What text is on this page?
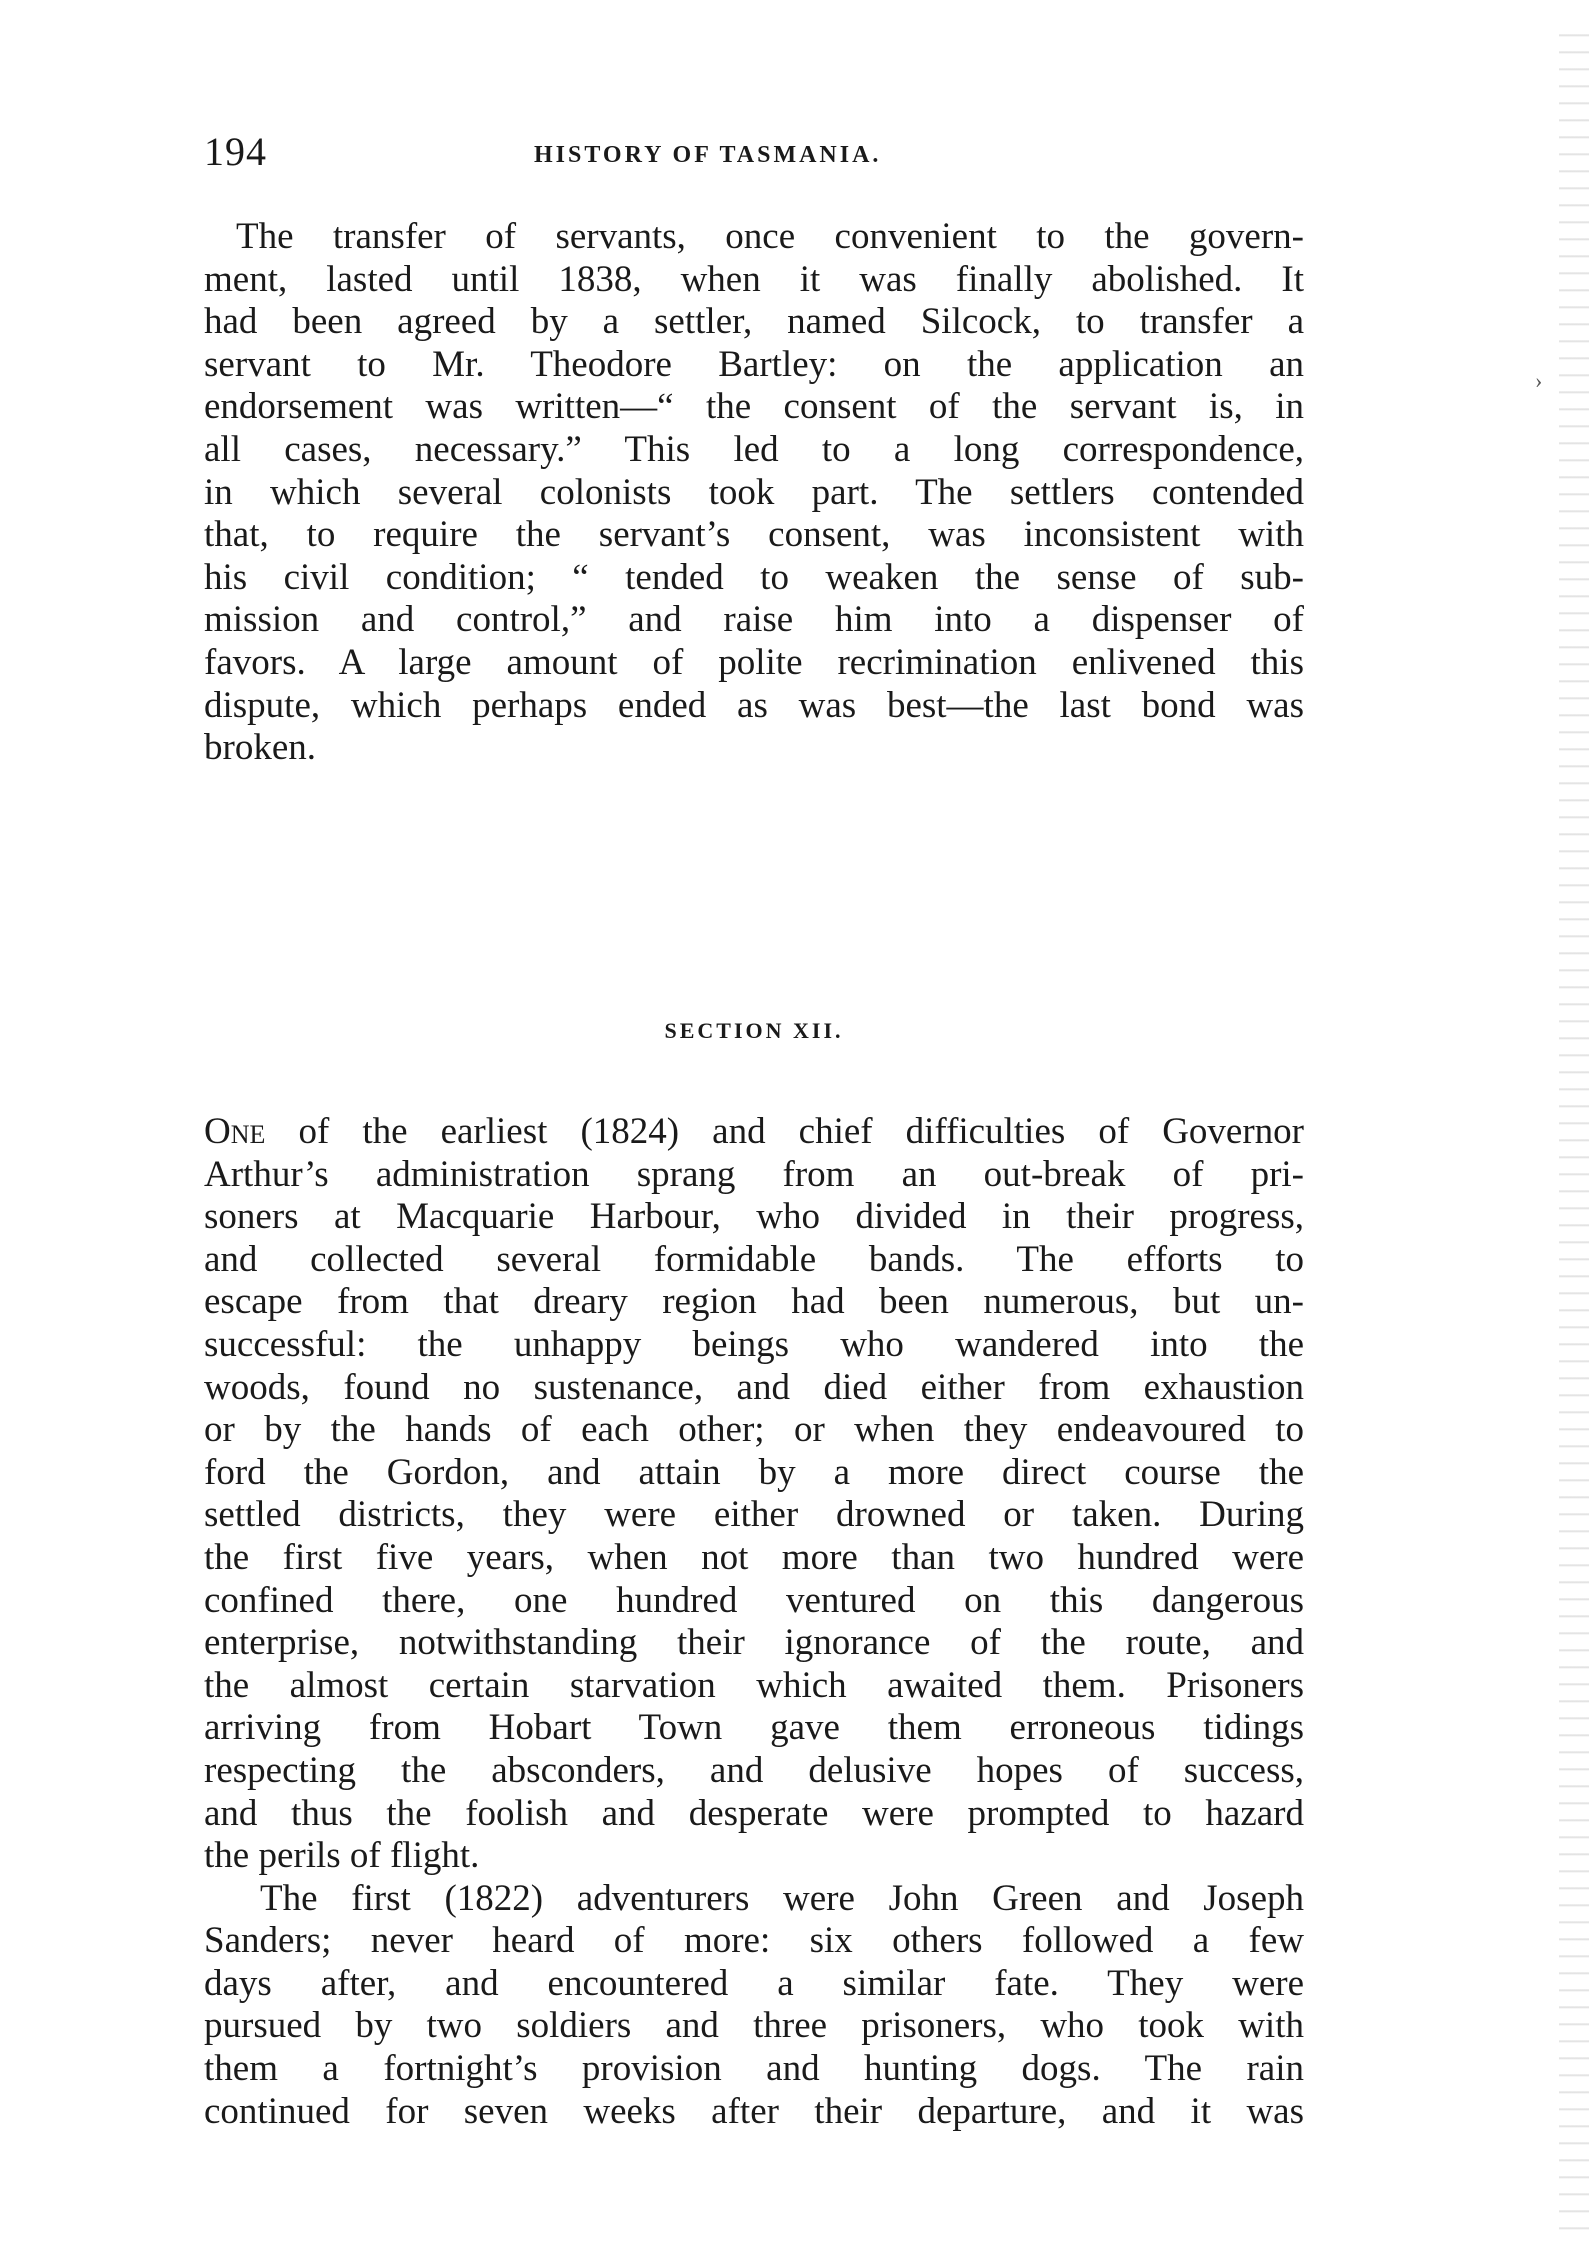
194	HISTORY OF TASMANIA.
The transfer of servants, once convenient to the govern-
ment, lasted until 1838, when it was finally abolished. It
had been agreed by a settler, named Silcock, to transfer a
servant to Mr. Theodore Bartley: on the application an
endorsement was written—“ the consent of the servant is, in
all cases, necessary.” This led to a long correspondence,
in which several colonists took part. The settlers contended
that, to require the servant’s consent, was inconsistent with
his civil condition; “ tended to weaken the sense of sub-
mission and control,” and raise him into a dispenser of
favors. A large amount of polite recrimination enlivened this
dispute, which perhaps ended as was best—the last bond was
broken.
SECTION XII.
One of the earliest (1824) and chief difficulties of Governor
Arthur’s administration sprang from an out-break of pri-
soners at Macquarie Harbour, who divided in their progress,
and collected several formidable bands. The efforts to
escape from that dreary region had been numerous, but un-
successful: the unhappy beings who wandered into the
woods, found no sustenance, and died either from exhaustion
or by the hands of each other; or when they endeavoured to
ford the Gordon, and attain by a more direct course the
settled districts, they were either drowned or taken. During
the first five years, when not more than two hundred were
confined there, one hundred ventured on this dangerous
enterprise, notwithstanding their ignorance of the route, and
the almost certain starvation which awaited them. Prisoners
arriving from Hobart Town gave them erroneous tidings
respecting the absconders, and delusive hopes of success,
and thus the foolish and desperate were prompted to hazard
the perils of flight.
The first (1822) adventurers were John Green and Joseph
Sanders; never heard of more: six others followed a few
days after, and encountered a similar fate. They were
pursued by two soldiers and three prisoners, who took with
them a fortnight’s provision and hunting dogs. The rain
continued for seven weeks after their departure, and it was
›
